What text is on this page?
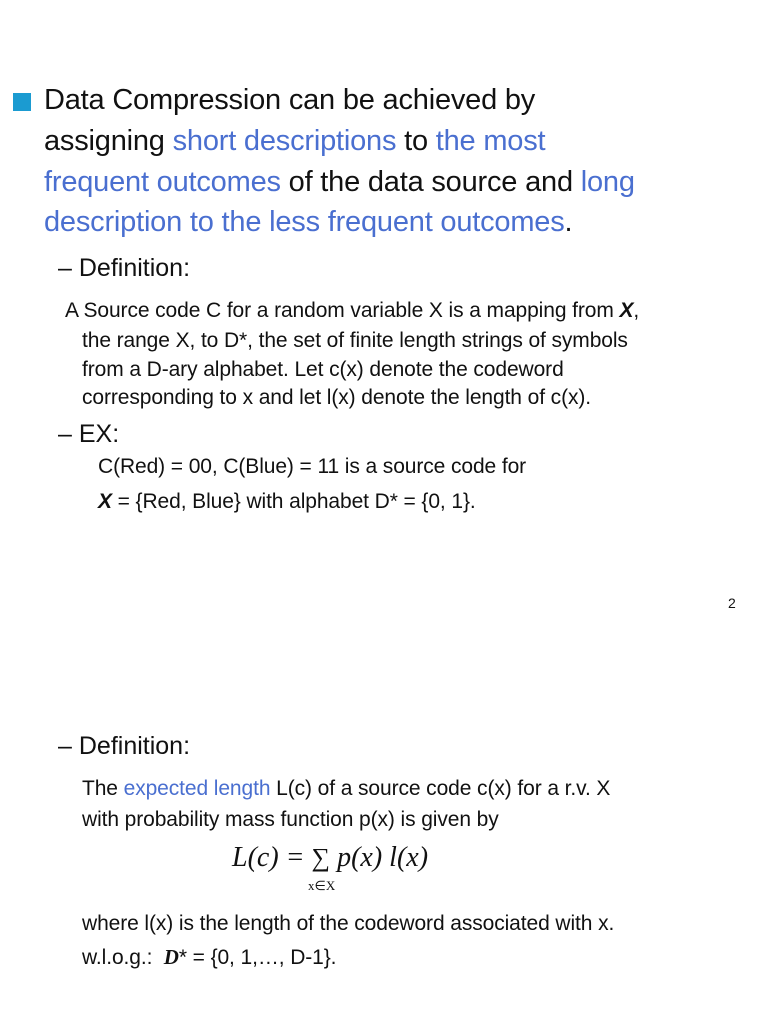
Data Compression can be achieved by
assigning short descriptions to the most
frequent outcomes of the data source and long
description to the less frequent outcomes.
– Definition:
A Source code C for a random variable X is a mapping from X,
the range X, to D*, the set of finite length strings of symbols
from a D-ary alphabet. Let c(x) denote the codeword
corresponding to x and let l(x) denote the length of c(x).
– EX:
C(Red) = 00, C(Blue) = 11 is a source code for
X = {Red, Blue} with alphabet D* = {0, 1}.
2
– Definition:
The expected length L(c) of a source code c(x) for a r.v. X
with probability mass function p(x) is given by
L(c) = ∑ p(x) l(x)
x∈X
where l(x) is the length of the codeword associated with x.
w.l.o.g.:  D* = {0, 1,…, D-1}.
